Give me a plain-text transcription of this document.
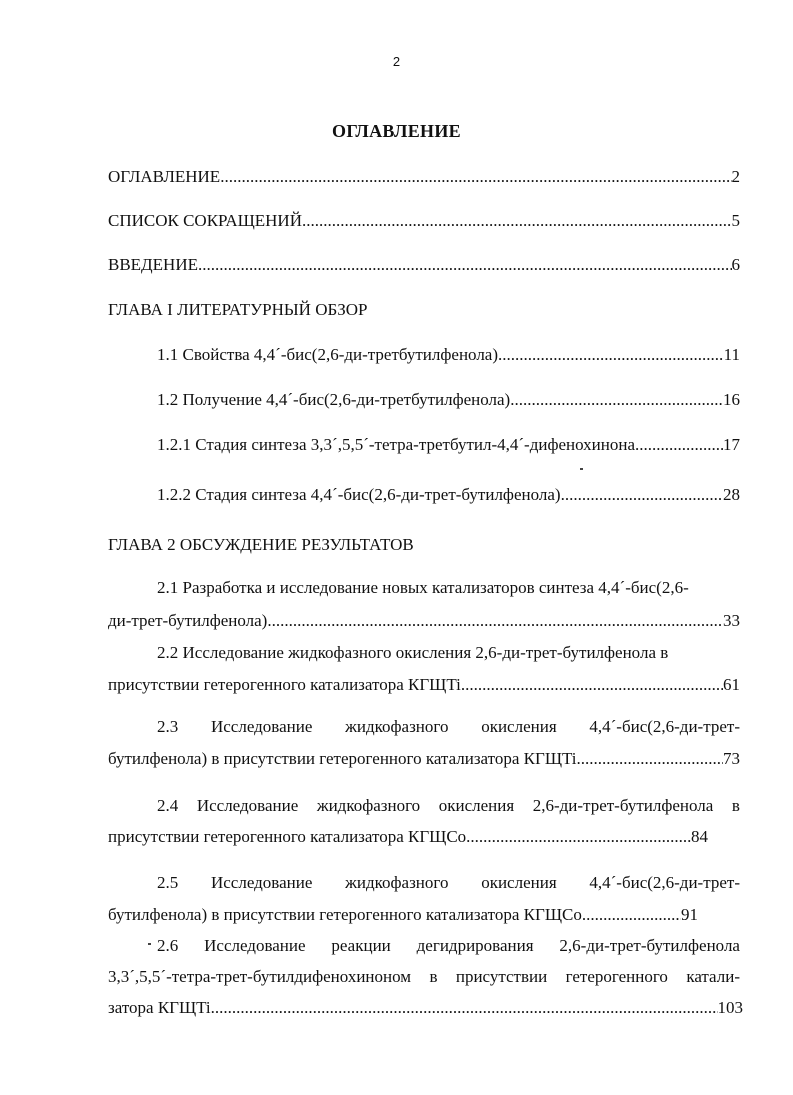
2
ОГЛАВЛЕНИЕ
ОГЛАВЛЕНИЕ .....	2
СПИСОК СОКРАЩЕНИЙ .....	5
ВВЕДЕНИЕ .....	6
ГЛАВА I ЛИТЕРАТУРНЫЙ ОБЗОР
1.1 Свойства 4,4´-бис(2,6-ди-третбутилфенола) .....	11
1.2 Получение 4,4´-бис(2,6-ди-третбутилфенола) .....	16
1.2.1 Стадия синтеза 3,3´,5,5´-тетра-третбутил-4,4´-дифенохинона .....	17
1.2.2 Стадия синтеза 4,4´-бис(2,6-ди-трет-бутилфенола) .....	28
ГЛАВА 2 ОБСУЖДЕНИЕ РЕЗУЛЬТАТОВ
2.1 Разработка и исследование новых катализаторов синтеза 4,4´-бис(2,6-
ди-трет-бутилфенола) .....	33
2.2 Исследование жидкофазного окисления 2,6-ди-трет-бутилфенола в
присутствии гетерогенного катализатора КГЩTi .....	61
2.3 Исследование жидкофазного окисления 4,4´-бис(2,6-ди-трет-
бутилфенола) в присутствии гетерогенного катализатора КГЩTi .....	73
2.4 Исследование жидкофазного окисления 2,6-ди-трет-бутилфенола в
присутствии гетерогенного катализатора КГЩCo .....	84
2.5 Исследование жидкофазного окисления 4,4´-бис(2,6-ди-трет-
бутилфенола) в присутствии гетерогенного катализатора КГЩCo .....	91
2.6 Исследование реакции дегидрирования 2,6-ди-трет-бутилфенола
3,3´,5,5´-тетра-трет-бутилдифенохиноном в присутствии гетерогенного катали-
затора КГЩTi .....	103
